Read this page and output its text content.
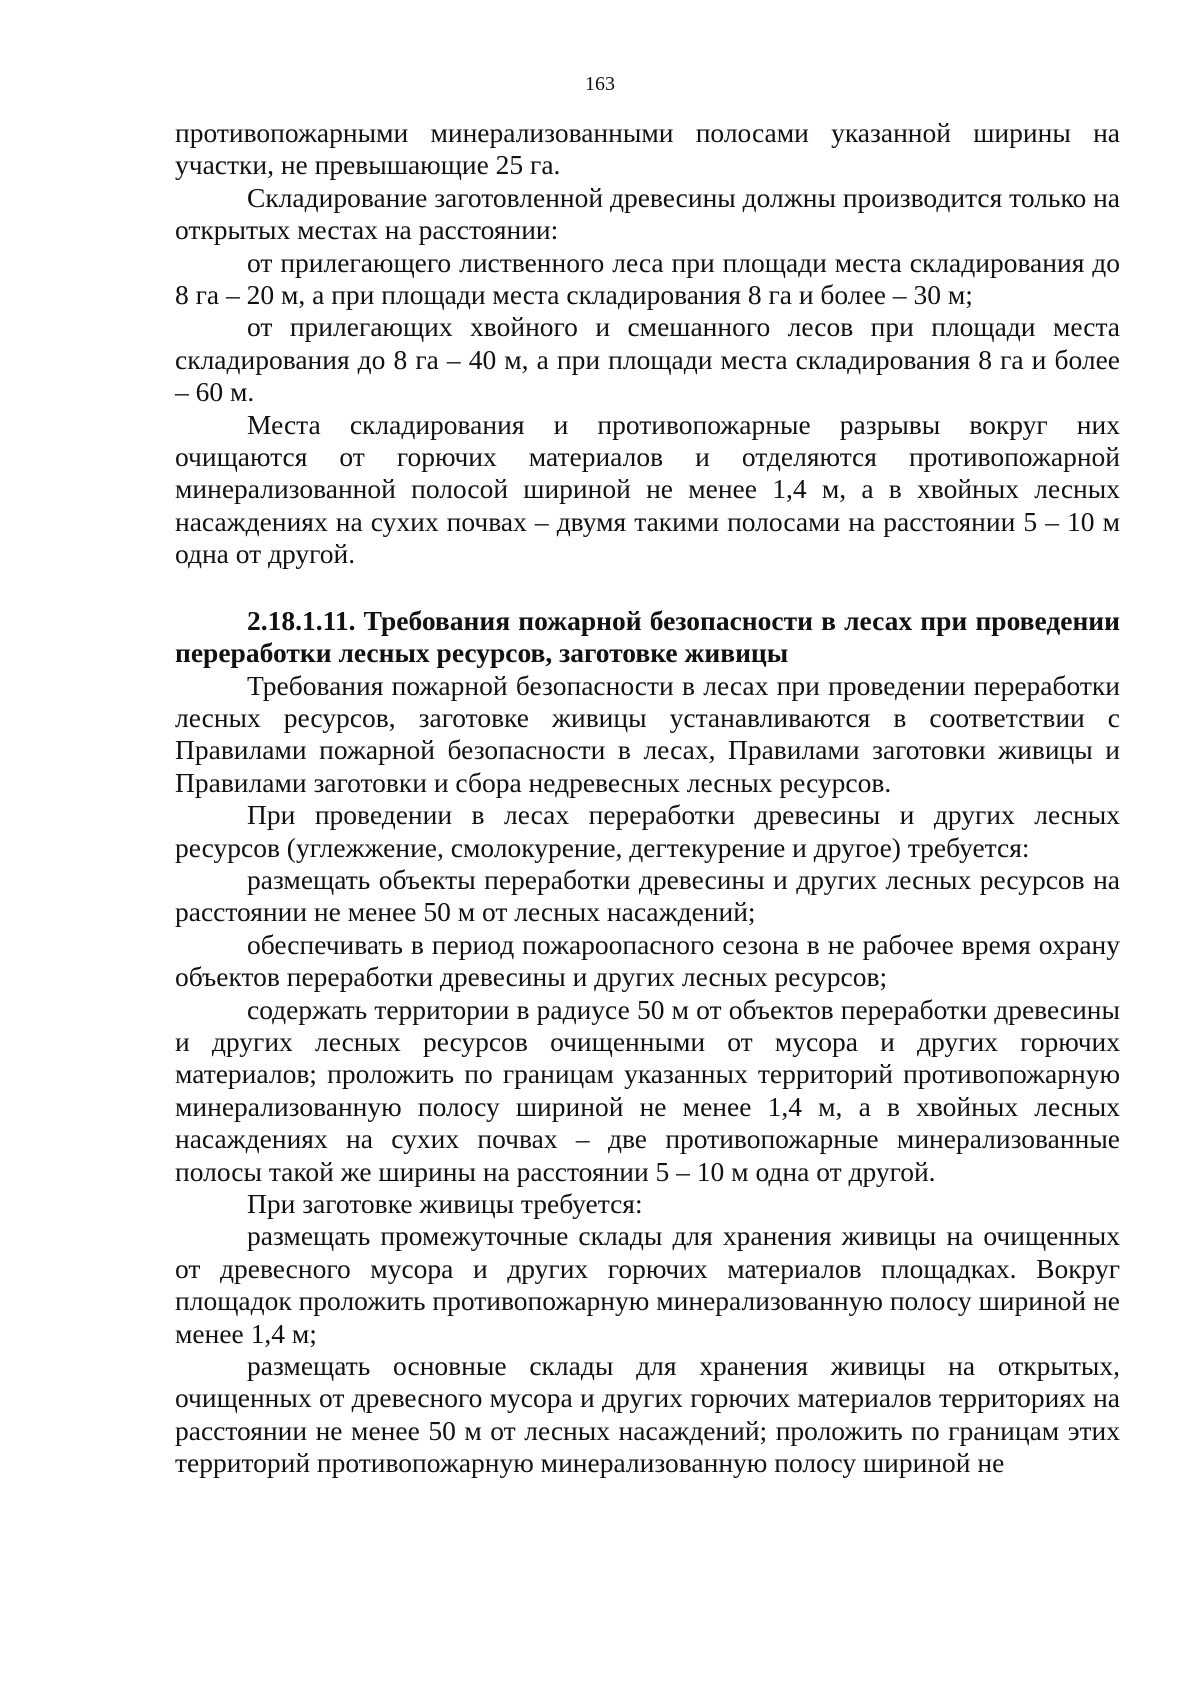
163

противопожарными минерализованными полосами указанной ширины на участки, не превышающие 25 га.

Складирование заготовленной древесины должны производится только на открытых местах на расстоянии:

от прилегающего лиственного леса при площади места складирования до 8 га – 20 м, а при площади места складирования 8 га и более – 30 м;

от прилегающих хвойного и смешанного лесов при площади места складирования до 8 га – 40 м, а при площади места складирования 8 га и более – 60 м.

Места складирования и противопожарные разрывы вокруг них очищаются от горючих материалов и отделяются противопожарной минерализованной полосой шириной не менее 1,4 м, а в хвойных лесных насаждениях на сухих почвах – двумя такими полосами на расстоянии 5 – 10 м одна от другой.

2.18.1.11. Требования пожарной безопасности в лесах при проведении переработки лесных ресурсов, заготовке живицы

Требования пожарной безопасности в лесах при проведении переработки лесных ресурсов, заготовке живицы устанавливаются в соответствии с Правилами пожарной безопасности в лесах, Правилами заготовки живицы и Правилами заготовки и сбора недревесных лесных ресурсов.

При проведении в лесах переработки древесины и других лесных ресурсов (углежжение, смолокурение, дегтекурение и другое) требуется:

размещать объекты переработки древесины и других лесных ресурсов на расстоянии не менее 50 м от лесных насаждений;

обеспечивать в период пожароопасного сезона в не рабочее время охрану объектов переработки древесины и других лесных ресурсов;

содержать территории в радиусе 50 м от объектов переработки древесины и других лесных ресурсов очищенными от мусора и других горючих материалов; проложить по границам указанных территорий противопожарную минерализованную полосу шириной не менее 1,4 м, а в хвойных лесных насаждениях на сухих почвах – две противопожарные минерализованные полосы такой же ширины на расстоянии 5 – 10 м одна от другой.

При заготовке живицы требуется:

размещать промежуточные склады для хранения живицы на очищенных от древесного мусора и других горючих материалов площадках. Вокруг площадок проложить противопожарную минерализованную полосу шириной не менее 1,4 м;

размещать основные склады для хранения живицы на открытых, очищенных от древесного мусора и других горючих материалов территориях на расстоянии не менее 50 м от лесных насаждений; проложить по границам этих территорий противопожарную минерализованную полосу шириной не
